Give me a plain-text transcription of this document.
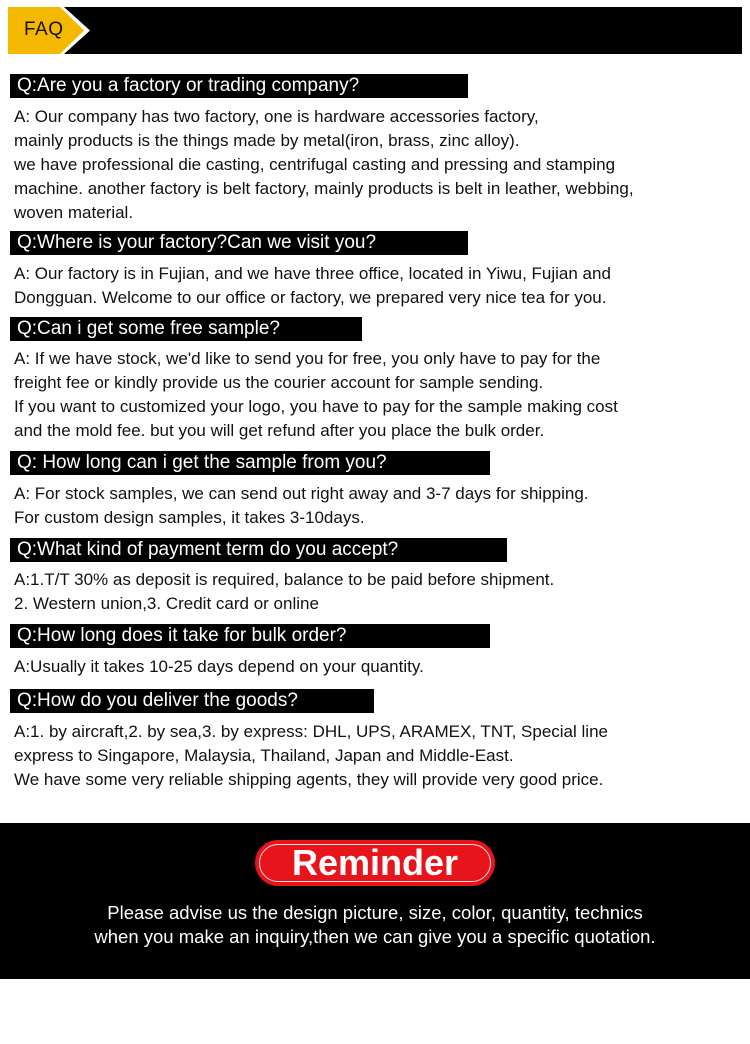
FAQ
Q:Are you a factory or trading company?
A: Our company has two factory, one is hardware accessories factory,
mainly products is the things made by metal(iron, brass, zinc alloy).
we have professional die casting, centrifugal casting and pressing and stamping
machine. another factory is belt factory, mainly products is belt in leather, webbing,
woven material.
Q:Where is your factory?Can we visit you?
A: Our factory is in Fujian, and we have three office, located in Yiwu, Fujian and
Dongguan. Welcome to our office or factory, we prepared very nice tea for you.
Q:Can i get some free sample?
A: If we have stock, we'd like to send you for free, you only have to pay for the
freight fee or kindly provide us the courier account for sample sending.
If you want to customized your logo, you have to pay for the sample making cost
and the mold fee. but you will get refund after you place the bulk order.
Q: How long can i get the sample from you?
A: For stock samples, we can send out right away and 3-7 days for shipping.
For custom design samples, it takes 3-10days.
Q:What kind of payment term do you accept?
A:1.T/T 30% as deposit is required, balance to be paid before shipment.
2. Western union,3. Credit card or online
Q:How long does it take for bulk order?
A:Usually it takes 10-25 days depend on your quantity.
Q:How do you deliver the goods?
A:1. by aircraft,2. by sea,3. by express: DHL, UPS, ARAMEX, TNT, Special line
express to Singapore, Malaysia, Thailand, Japan and Middle-East.
We have some very reliable shipping agents, they will provide very good price.
Reminder
Please advise us the design picture, size, color, quantity, technics
when you make an inquiry,then we can give you a specific quotation.
